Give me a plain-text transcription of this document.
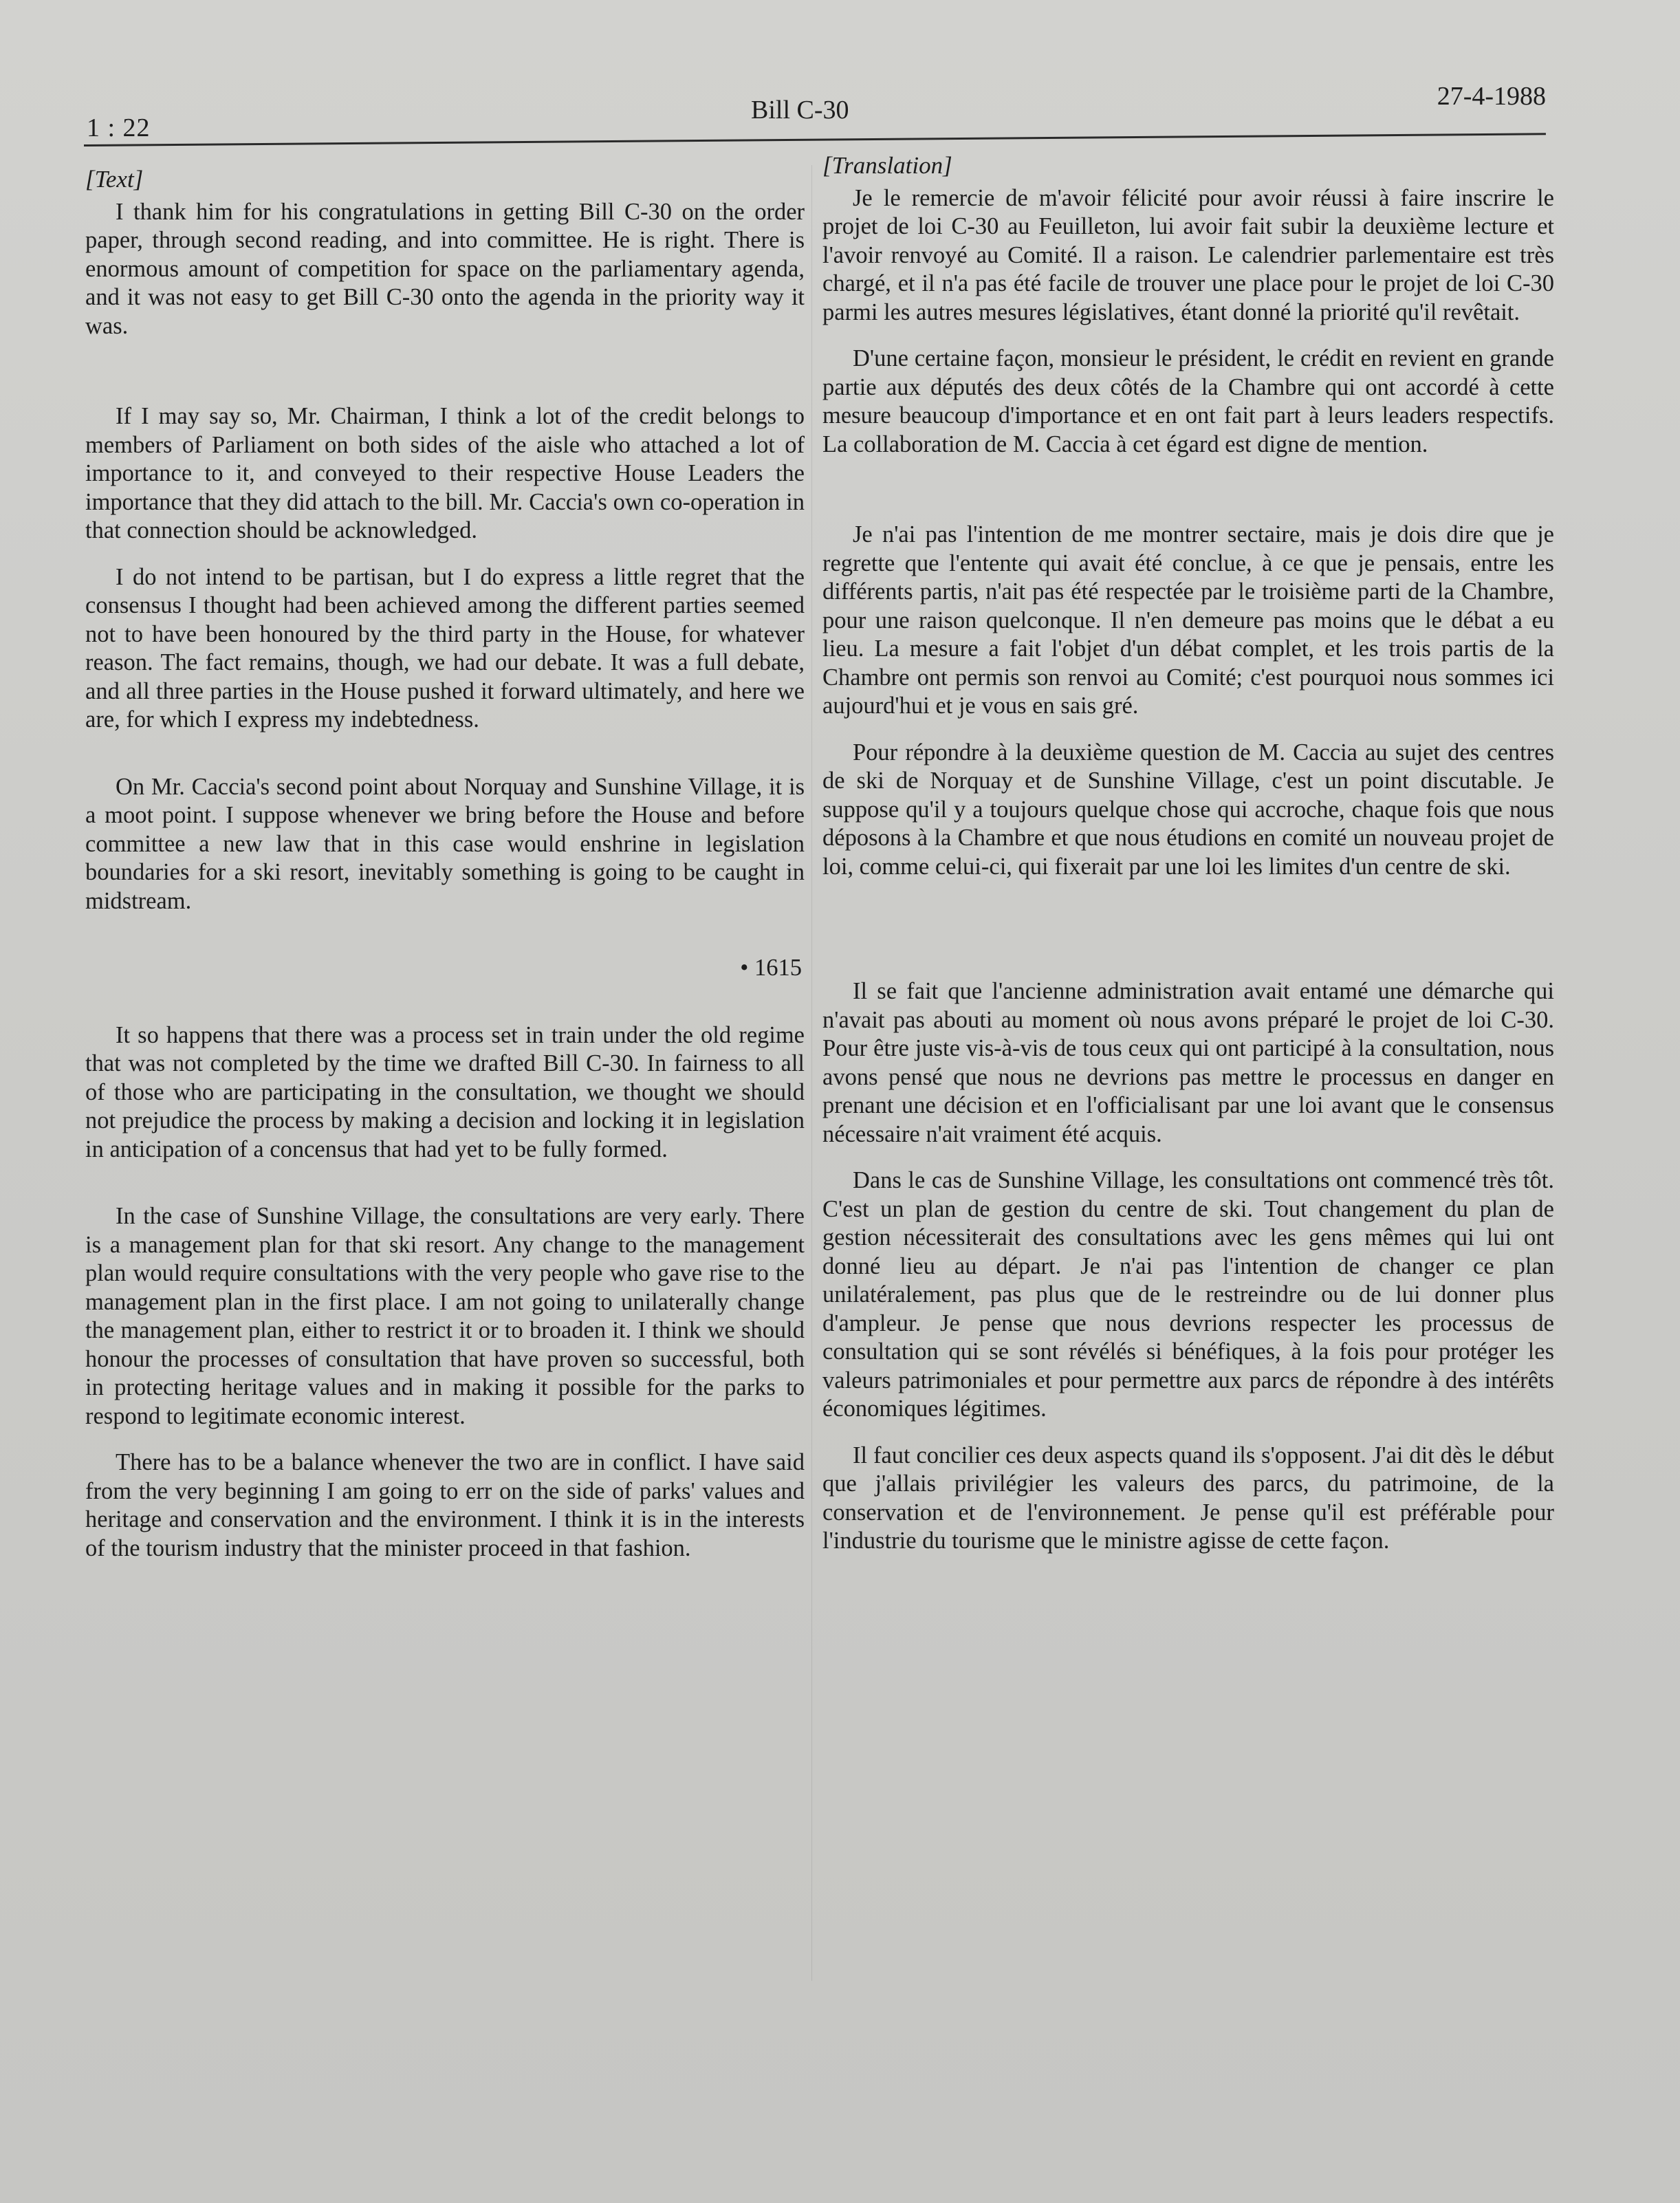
1 : 22
Bill C-30	27-4-1988
[Text]

I thank him for his congratulations in getting Bill C-30 on the order paper, through second reading, and into committee. He is right. There is enormous amount of competition for space on the parliamentary agenda, and it was not easy to get Bill C-30 onto the agenda in the priority way it was.

If I may say so, Mr. Chairman, I think a lot of the credit belongs to members of Parliament on both sides of the aisle who attached a lot of importance to it, and conveyed to their respective House Leaders the importance that they did attach to the bill. Mr. Caccia's own co-operation in that connection should be acknowledged.

I do not intend to be partisan, but I do express a little regret that the consensus I thought had been achieved among the different parties seemed not to have been honoured by the third party in the House, for whatever reason. The fact remains, though, we had our debate. It was a full debate, and all three parties in the House pushed it forward ultimately, and here we are, for which I express my indebtedness.

On Mr. Caccia's second point about Norquay and Sunshine Village, it is a moot point. I suppose whenever we bring before the House and before committee a new law that in this case would enshrine in legislation boundaries for a ski resort, inevitably something is going to be caught in midstream.

• 1615

It so happens that there was a process set in train under the old regime that was not completed by the time we drafted Bill C-30. In fairness to all of those who are participating in the consultation, we thought we should not prejudice the process by making a decision and locking it in legislation in anticipation of a concensus that had yet to be fully formed.

In the case of Sunshine Village, the consultations are very early. There is a management plan for that ski resort. Any change to the management plan would require consultations with the very people who gave rise to the management plan in the first place. I am not going to unilaterally change the management plan, either to restrict it or to broaden it. I think we should honour the processes of consultation that have proven so successful, both in protecting heritage values and in making it possible for the parks to respond to legitimate economic interest.

There has to be a balance whenever the two are in conflict. I have said from the very beginning I am going to err on the side of parks' values and heritage and conservation and the environment. I think it is in the interests of the tourism industry that the minister proceed in that fashion.

[Translation]

Je le remercie de m'avoir félicité pour avoir réussi à faire inscrire le projet de loi C-30 au Feuilleton, lui avoir fait subir la deuxième lecture et l'avoir renvoyé au Comité. Il a raison. Le calendrier parlementaire est très chargé, et il n'a pas été facile de trouver une place pour le projet de loi C-30 parmi les autres mesures législatives, étant donné la priorité qu'il revêtait.

D'une certaine façon, monsieur le président, le crédit en revient en grande partie aux députés des deux côtés de la Chambre qui ont accordé à cette mesure beaucoup d'importance et en ont fait part à leurs leaders respectifs. La collaboration de M. Caccia à cet égard est digne de mention.

Je n'ai pas l'intention de me montrer sectaire, mais je dois dire que je regrette que l'entente qui avait été conclue, à ce que je pensais, entre les différents partis, n'ait pas été respectée par le troisième parti de la Chambre, pour une raison quelconque. Il n'en demeure pas moins que le débat a eu lieu. La mesure a fait l'objet d'un débat complet, et les trois partis de la Chambre ont permis son renvoi au Comité; c'est pourquoi nous sommes ici aujourd'hui et je vous en sais gré.

Pour répondre à la deuxième question de M. Caccia au sujet des centres de ski de Norquay et de Sunshine Village, c'est un point discutable. Je suppose qu'il y a toujours quelque chose qui accroche, chaque fois que nous déposons à la Chambre et que nous étudions en comité un nouveau projet de loi, comme celui-ci, qui fixerait par une loi les limites d'un centre de ski.

Il se fait que l'ancienne administration avait entamé une démarche qui n'avait pas abouti au moment où nous avons préparé le projet de loi C-30. Pour être juste vis-à-vis de tous ceux qui ont participé à la consultation, nous avons pensé que nous ne devrions pas mettre le processus en danger en prenant une décision et en l'officialisant par une loi avant que le consensus nécessaire n'ait vraiment été acquis.

Dans le cas de Sunshine Village, les consultations ont commencé très tôt. C'est un plan de gestion du centre de ski. Tout changement du plan de gestion nécessiterait des consultations avec les gens mêmes qui lui ont donné lieu au départ. Je n'ai pas l'intention de changer ce plan unilatéralement, pas plus que de le restreindre ou de lui donner plus d'ampleur. Je pense que nous devrions respecter les processus de consultation qui se sont révélés si bénéfiques, à la fois pour protéger les valeurs patrimoniales et pour permettre aux parcs de répondre à des intérêts économiques légitimes.

Il faut concilier ces deux aspects quand ils s'opposent. J'ai dit dès le début que j'allais privilégier les valeurs des parcs, du patrimoine, de la conservation et de l'environnement. Je pense qu'il est préférable pour l'industrie du tourisme que le ministre agisse de cette façon.
